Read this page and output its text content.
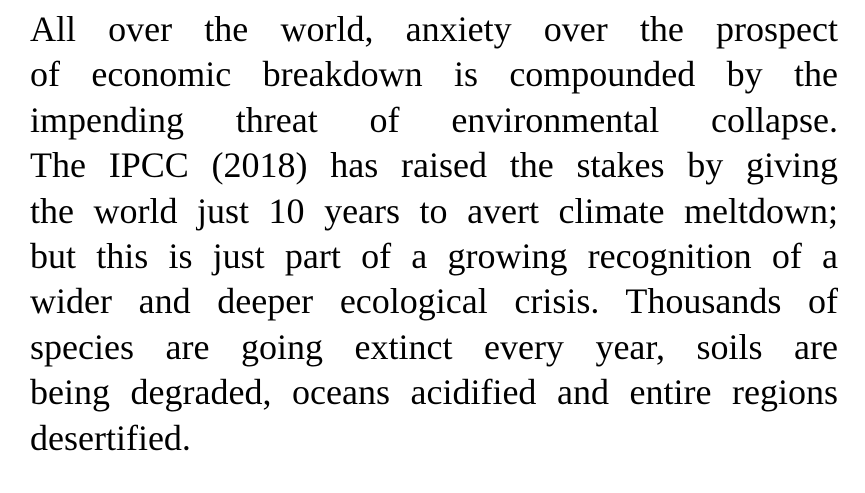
All over the world, anxiety over the prospect
of economic breakdown is compounded by the
impending threat of environmental collapse.
The IPCC (2018) has raised the stakes by giving
the world just 10 years to avert climate meltdown;
but this is just part of a growing recognition of a
wider and deeper ecological crisis. Thousands of
species are going extinct every year, soils are
being degraded, oceans acidified and entire regions
desertified.
